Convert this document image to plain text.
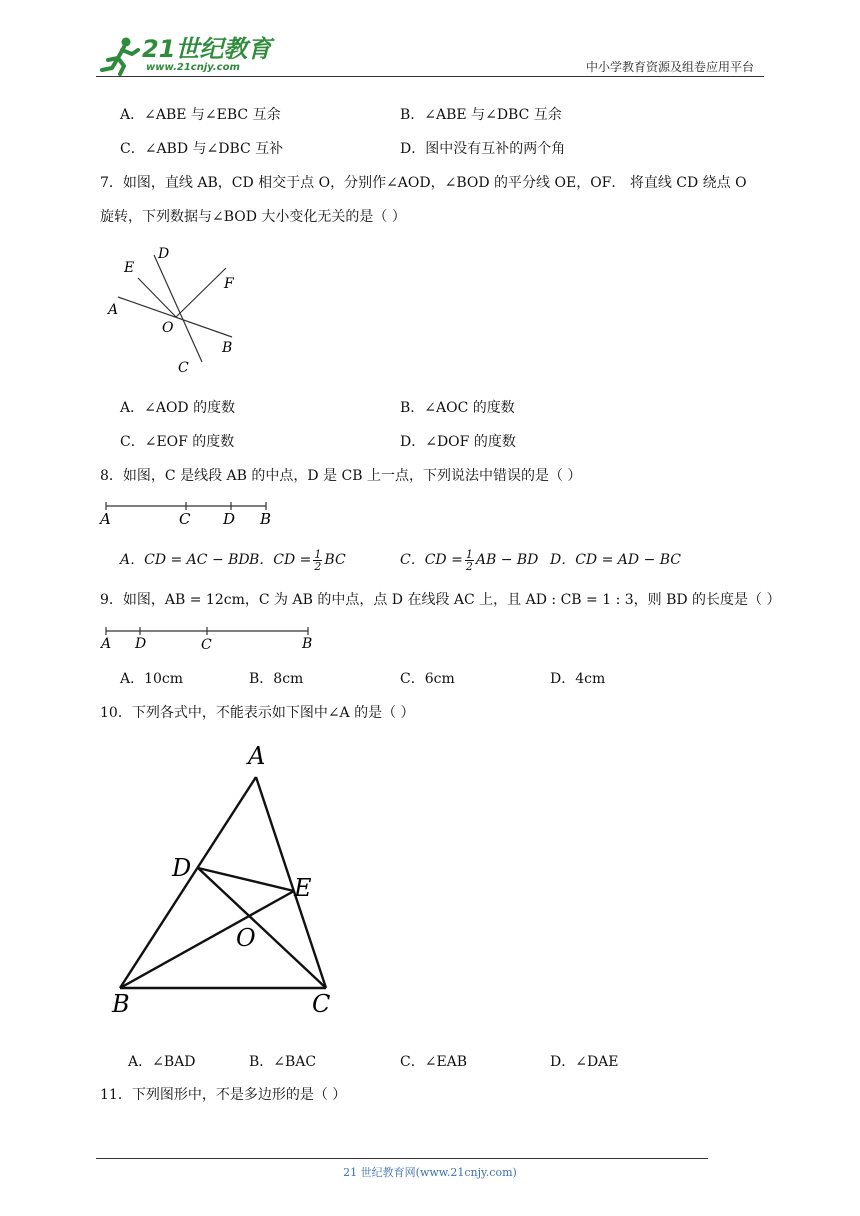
21世纪教育
www.21cnjy.com	中小学教育资源及组卷应用平台
A．∠ABE 与∠EBC 互余	B．∠ABE 与∠DBC 互余
C．∠ABD 与∠DBC 互补	D．图中没有互补的两个角
7．如图，直线 AB，CD 相交于点 O，分别作∠AOD，∠BOD 的平分线 OE，OF． 将直线 CD 绕点 O
旋转，下列数据与∠BOD 大小变化无关的是（ ）
D
E
F
A
O
B
C
A．∠AOD 的度数	B．∠AOC 的度数
C．∠EOF 的度数	D．∠DOF 的度数
8．如图，C 是线段 AB 的中点，D 是 CB 上一点，下列说法中错误的是（ ）
A	C D B
A．CD = AC − BD B．CD = $\frac{1}{2}$ BC	C．CD = $\frac{1}{2}$ AB − BD D．CD = AD − BC
9．如图，AB = 12cm，C 为 AB 的中点，点 D 在线段 AC 上，且 AD : CB = 1 : 3，则 BD 的长度是（ ）
A D	C	B
A．10cm	B．8cm	C．6cm	D．4cm
10．下列各式中，不能表示如下图中∠A 的是（ ）
A
D
E
O
B	C
A．∠BAD	B．∠BAC	C．∠EAB	D．∠DAE
11．下列图形中，不是多边形的是（ ）
21 世纪教育网(www.21cnjy.com)
